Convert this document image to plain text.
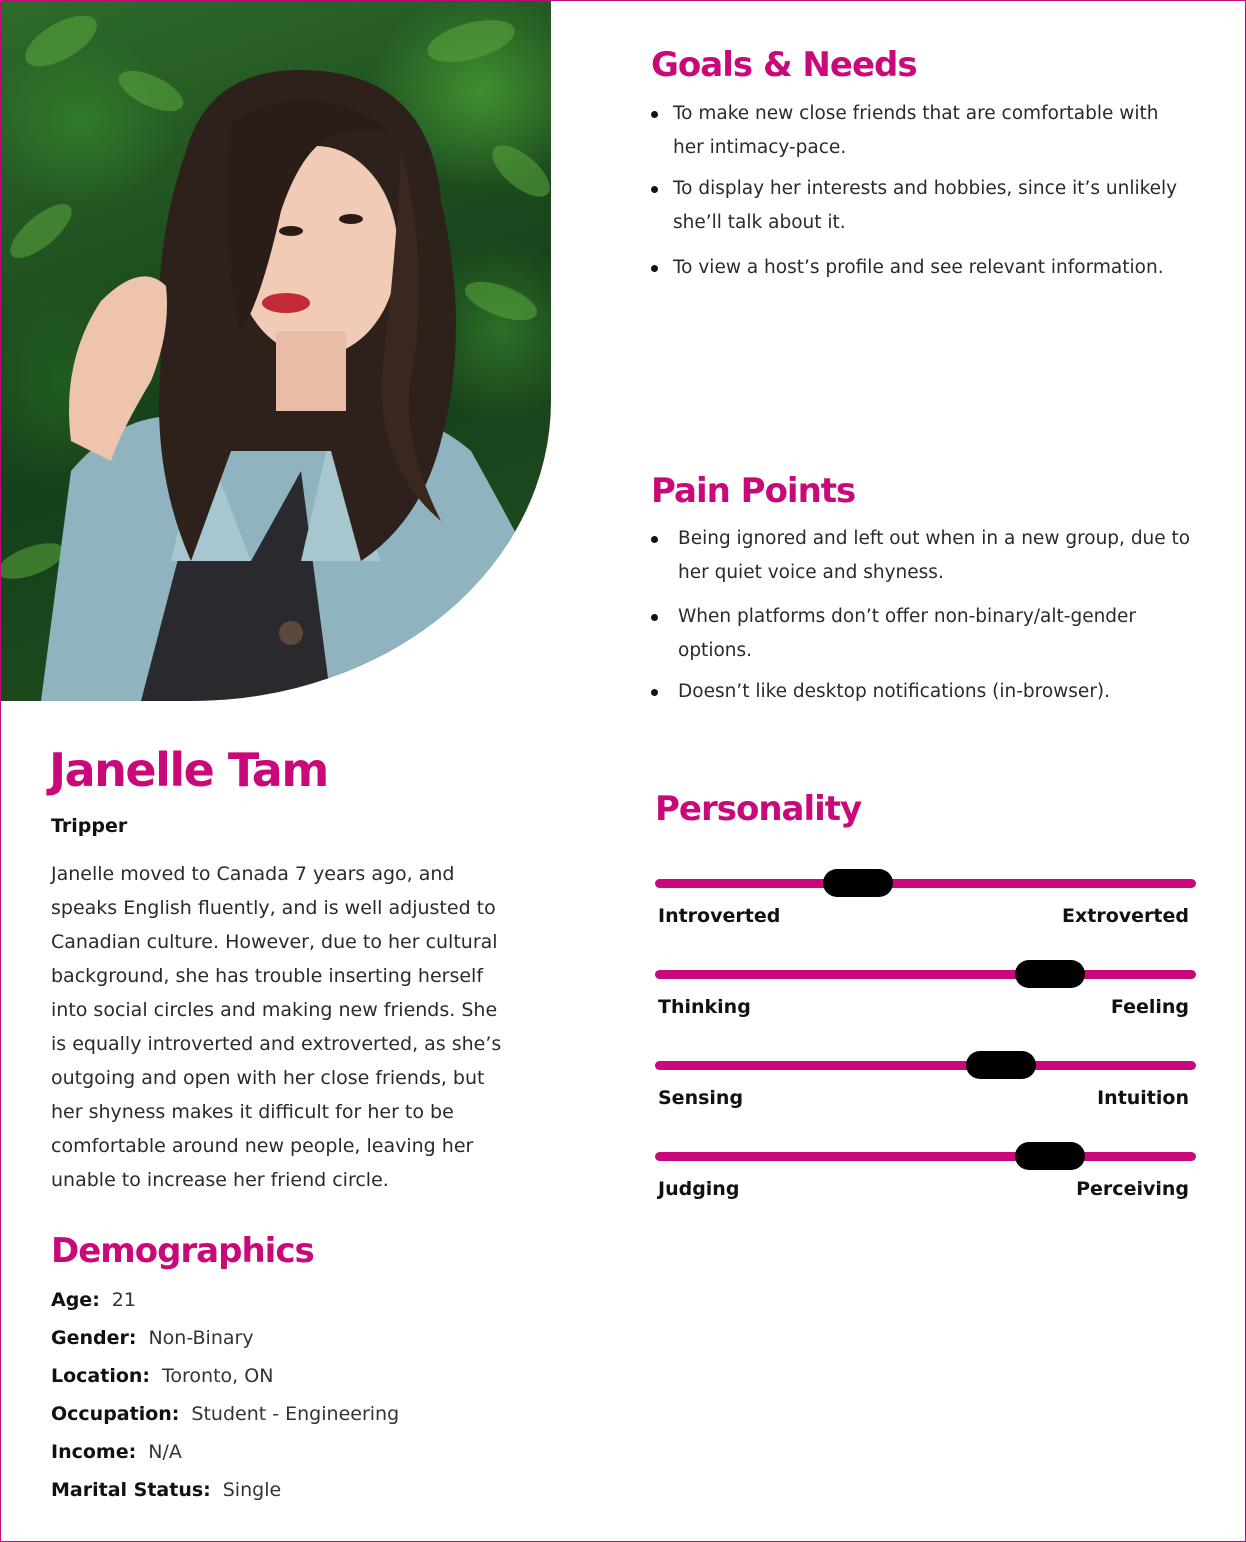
Janelle Tam
Tripper

Janelle moved to Canada 7 years ago, and speaks English fluently, and is well adjusted to Canadian culture. However, due to her cultural background, she has trouble inserting herself into social circles and making new friends. She is equally introverted and extroverted, as she’s outgoing and open with her close friends, but her shyness makes it difficult for her to be comfortable around new people, leaving her unable to increase her friend circle.

Demographics
Age: 21
Gender: Non-Binary
Location: Toronto, ON
Occupation: Student - Engineering
Income: N/A
Marital Status: Single
Goals & Needs
To make new close friends that are comfortable with her intimacy-pace.
To display her interests and hobbies, since it’s unlikely she’ll talk about it.
To view a host’s profile and see relevant information.
Pain Points
Being ignored and left out when in a new group, due to her quiet voice and shyness.
When platforms don’t offer non-binary/alt-gender options.
Doesn’t like desktop notifications (in-browser).
Personality
Introverted	Extroverted
Thinking	Feeling
Sensing	Intuition
Judging	Perceiving
